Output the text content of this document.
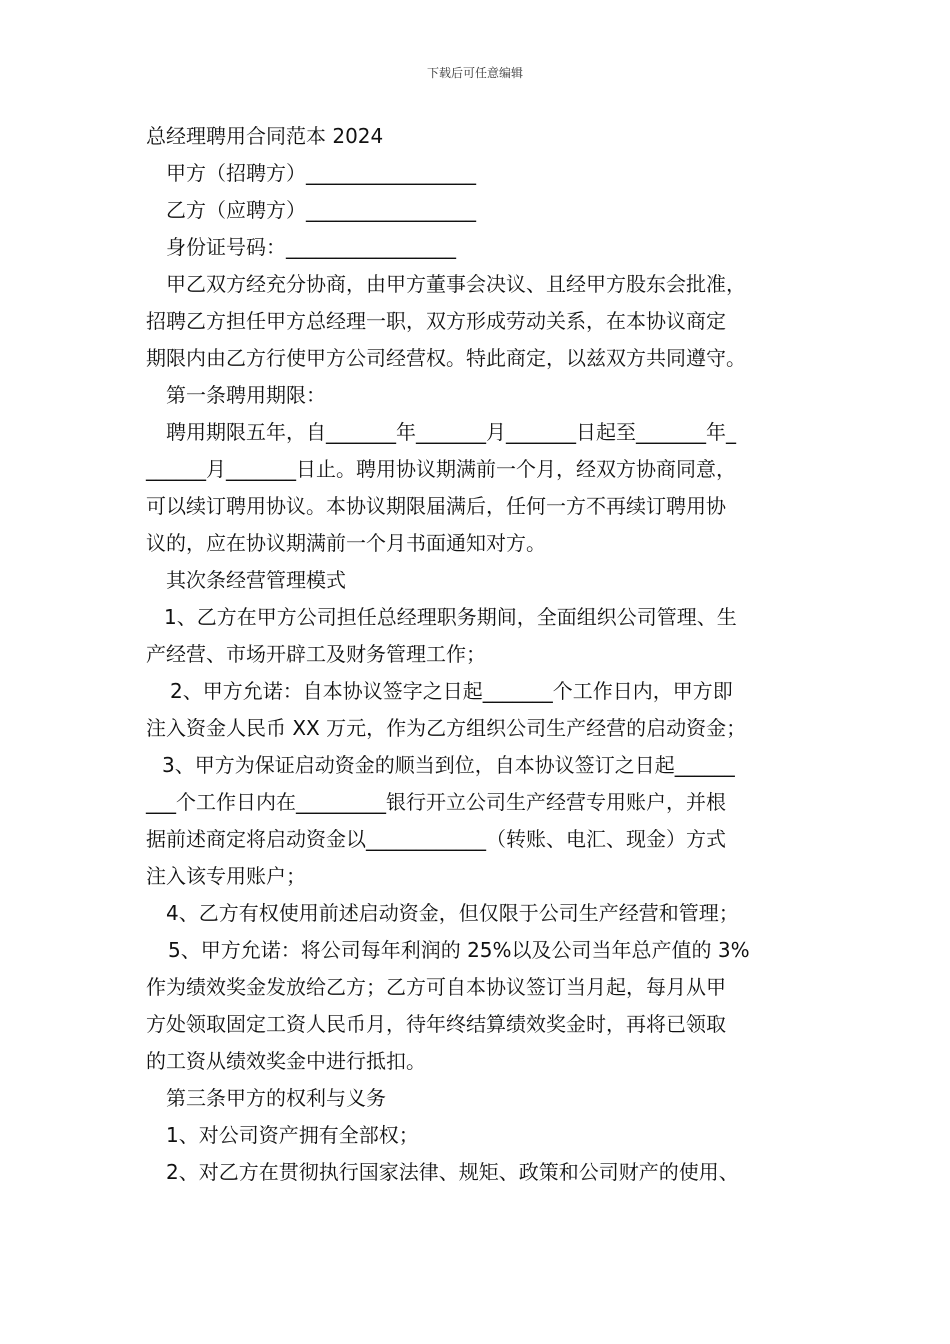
下载后可任意编辑
总经理聘用合同范本 2024
甲方（招聘方）_________________
乙方（应聘方）_________________
身份证号码：_________________
甲乙双方经充分协商，由甲方董事会决议、且经甲方股东会批准，
招聘乙方担任甲方总经理一职，双方形成劳动关系，在本协议商定
期限内由乙方行使甲方公司经营权。特此商定，以兹双方共同遵守。
第一条聘用期限：
聘用期限五年，自_______年_______月_______日起至_______年_
______月_______日止。聘用协议期满前一个月，经双方协商同意，
可以续订聘用协议。本协议期限届满后，任何一方不再续订聘用协
议的，应在协议期满前一个月书面通知对方。
其次条经营管理模式
1、乙方在甲方公司担任总经理职务期间，全面组织公司管理、生
产经营、市场开辟工及财务管理工作；
2、甲方允诺：自本协议签字之日起_______个工作日内，甲方即
注入资金人民币 XX 万元，作为乙方组织公司生产经营的启动资金；
3、甲方为保证启动资金的顺当到位，自本协议签订之日起______
___个工作日内在_________银行开立公司生产经营专用账户，并根
据前述商定将启动资金以____________（转账、电汇、现金）方式
注入该专用账户；
4、乙方有权使用前述启动资金，但仅限于公司生产经营和管理；
5、甲方允诺：将公司每年利润的 25%以及公司当年总产值的 3%
作为绩效奖金发放给乙方；乙方可自本协议签订当月起，每月从甲
方处领取固定工资人民币月，待年终结算绩效奖金时，再将已领取
的工资从绩效奖金中进行抵扣。
第三条甲方的权利与义务
1、对公司资产拥有全部权；
2、对乙方在贯彻执行国家法律、规矩、政策和公司财产的使用、
